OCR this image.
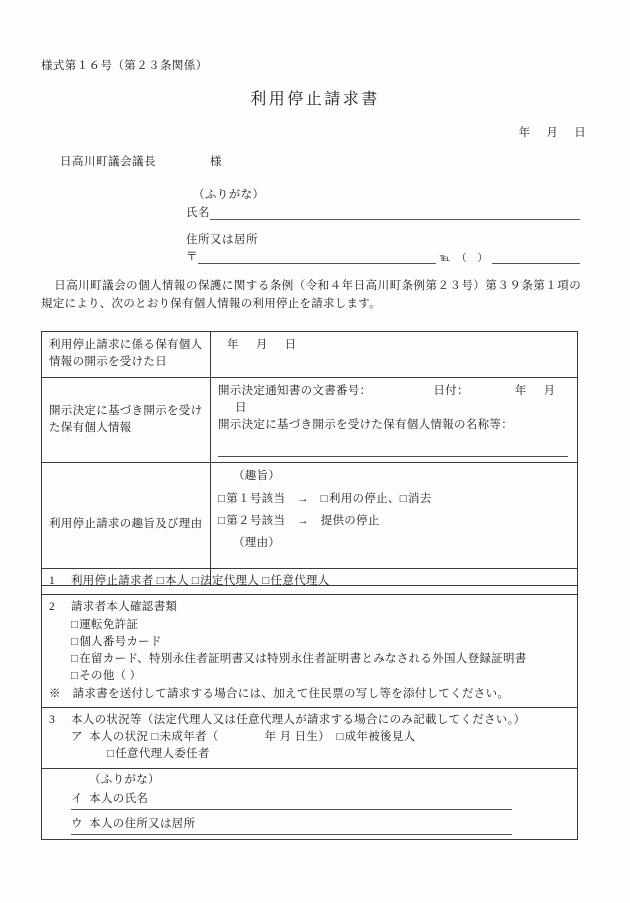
様式第１６号（第２３条関係）
利用停止請求書
年 月 日
日高川町議会議長	様
（ふりがな）
氏名
住所又は居所
〒	℡　（　）
日高川町議会の個人情報の保護に関する条例（令和４年日高川町条例第２３号）第３９条第１項の規定により、次のとおり保有個人情報の利用停止を請求します。
利用停止請求に係る保有個人情報の開示を受けた日	年 月 日
開示決定に基づき開示を受けた保有個人情報	開示決定通知書の文書番号： 日付： 年 月日
開示決定に基づき開示を受けた保有個人情報の名称等：

利用停止請求の趣旨及び理由	（趣旨）
□第１号該当　→　□利用の停止、□消去
□第２号該当　→　提供の停止
（理由）
1 利用停止請求者 □本人 □法定代理人 □任意代理人

2 請求者本人確認書類
□運転免許証
□個人番号カード
□在留カード、特別永住者証明書又は特別永住者証明書とみなされる外国人登録証明書
□その他（ ）
※　請求書を送付して請求する場合には、加えて住民票の写し等を添付してください。

3 本人の状況等（法定代理人又は任意代理人が請求する場合にのみ記載してください。）
ア 本人の状況 □未成年者（	年 月 日生） □成年被後見人
□任意代理人委任者

（ふりがな）
イ 本人の氏名
ウ 本人の住所又は居所
